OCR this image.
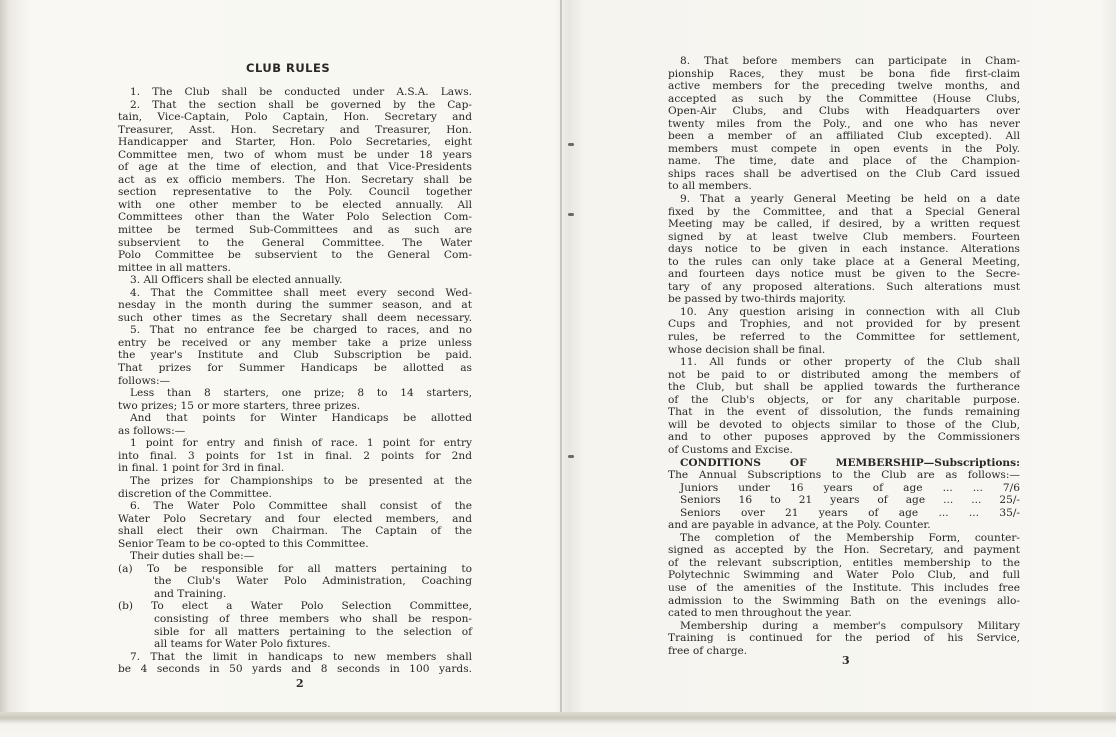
CLUB RULES
1. The Club shall be conducted under A.S.A. Laws.
2. That the section shall be governed by the Cap-
tain, Vice-Captain, Polo Captain, Hon. Secretary and
Treasurer, Asst. Hon. Secretary and Treasurer, Hon.
Handicapper and Starter, Hon. Polo Secretaries, eight
Committee men, two of whom must be under 18 years
of age at the time of election, and that Vice-Presidents
act as ex officio members. The Hon. Secretary shall be
section representative to the Poly. Council together
with one other member to be elected annually. All
Committees other than the Water Polo Selection Com-
mittee be termed Sub-Committees and as such are
subservient to the General Committee. The Water
Polo Committee be subservient to the General Com-
mittee in all matters.
3. All Officers shall be elected annually.
4. That the Committee shall meet every second Wed-
nesday in the month during the summer season, and at
such other times as the Secretary shall deem necessary.
5. That no entrance fee be charged to races, and no
entry be received or any member take a prize unless
the year's Institute and Club Subscription be paid.
That prizes for Summer Handicaps be allotted as
follows:—
Less than 8 starters, one prize; 8 to 14 starters,
two prizes; 15 or more starters, three prizes.
And that points for Winter Handicaps be allotted
as follows:—
1 point for entry and finish of race. 1 point for entry
into final. 3 points for 1st in final. 2 points for 2nd
in final. 1 point for 3rd in final.
The prizes for Championships to be presented at the
discretion of the Committee.
6. The Water Polo Committee shall consist of the
Water Polo Secretary and four elected members, and
shall elect their own Chairman. The Captain of the
Senior Team to be co-opted to this Committee.
Their duties shall be:—
(a) To be responsible for all matters pertaining to
the Club's Water Polo Administration, Coaching
and Training.
(b) To elect a Water Polo Selection Committee,
consisting of three members who shall be respon-
sible for all matters pertaining to the selection of
all teams for Water Polo fixtures.
7. That the limit in handicaps to new members shall
be 4 seconds in 50 yards and 8 seconds in 100 yards.
2
8. That before members can participate in Cham-
pionship Races, they must be bona fide first-claim
active members for the preceding twelve months, and
accepted as such by the Committee (House Clubs,
Open-Air Clubs, and Clubs with Headquarters over
twenty miles from the Poly., and one who has never
been a member of an affiliated Club excepted). All
members must compete in open events in the Poly.
name. The time, date and place of the Champion-
ships races shall be advertised on the Club Card issued
to all members.
9. That a yearly General Meeting be held on a date
fixed by the Committee, and that a Special General
Meeting may be called, if desired, by a written request
signed by at least twelve Club members. Fourteen
days notice to be given in each instance. Alterations
to the rules can only take place at a General Meeting,
and fourteen days notice must be given to the Secre-
tary of any proposed alterations. Such alterations must
be passed by two-thirds majority.
10. Any question arising in connection with all Club
Cups and Trophies, and not provided for by present
rules, be referred to the Committee for settlement,
whose decision shall be final.
11. All funds or other property of the Club shall
not be paid to or distributed among the members of
the Club, but shall be applied towards the furtherance
of the Club's objects, or for any charitable purpose.
That in the event of dissolution, the funds remaining
will be devoted to objects similar to those of the Club,
and to other puposes approved by the Commissioners
of Customs and Excise.
CONDITIONS OF MEMBERSHIP—Subscriptions:
The Annual Subscriptions to the Club are as follows:—
Juniors under 16 years of age ... ... 7/6
Seniors 16 to 21 years of age ... ... 25/-
Seniors over 21 years of age ... ... 35/-
and are payable in advance, at the Poly. Counter.
The completion of the Membership Form, counter-
signed as accepted by the Hon. Secretary, and payment
of the relevant subscription, entitles membership to the
Polytechnic Swimming and Water Polo Club, and full
use of the amenities of the Institute. This includes free
admission to the Swimming Bath on the evenings allo-
cated to men throughout the year.
Membership during a member's compulsory Military
Training is continued for the period of his Service,
free of charge.
3
